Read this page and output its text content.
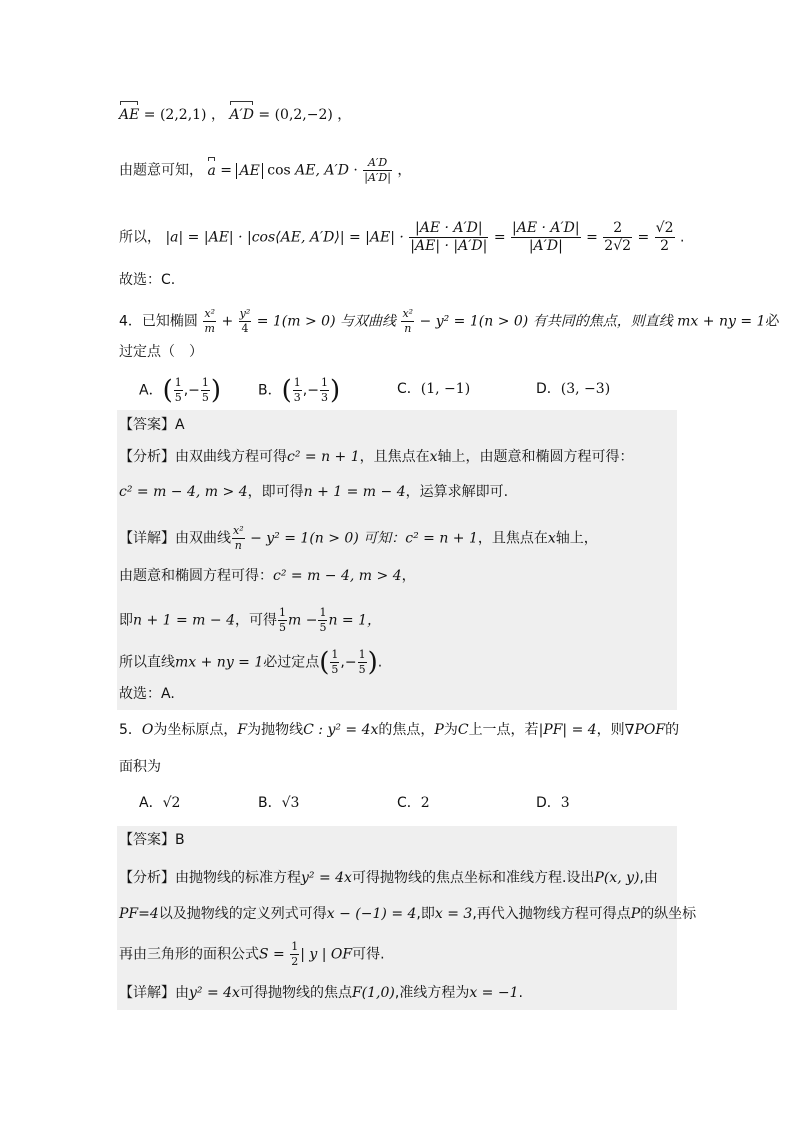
AE = (2,2,1) ， A′D = (0,2,−2) ，
由题意可知， a = AE cos AE, $A'D \cdot \frac{A'D}{|A'D|}$ ，
所以， |a| = |AE| · |cos⟨AE, A′D⟩| = $|AE| \cdot \frac{|AE \cdot A'D|}{|AE| \cdot |A'D|} = \frac{|AE \cdot A'D|}{|A'D|} = \frac{2}{2√2} = \frac{√2}{2}$ .
故选：C.
4．已知椭圆 $\frac{\text{x²}}{m} + \frac{\text{y²}}{4} = 1(m > 0)$ 与双曲线 $\frac{\text{x²}}{n} - y^2 = 1(n > 0)$ 有共同的焦点，则直线 mx + ny = 1必
过定点（　）
A．( $\frac{1}{5}$ ,− $\frac{1}{5}$ )	B．( $\frac{1}{3}$ ,− $\frac{1}{3}$ )	C．(1, −1)	D．(3, −3)
【答案】A
【分析】由双曲线方程可得c² = n + 1，且焦点在x轴上，由题意和椭圆方程可得：
c² = m − 4, m > 4，即可得n + 1 = m − 4，运算求解即可.
【详解】由双曲线 $\frac{\text{x²}}{n} - y^2 = 1(n > 0)$ 可知：c² = n + 1，且焦点在x轴上，
由题意和椭圆方程可得：c² = m − 4, m > 4，
即n + 1 = m − 4，可得 $\frac{1}{5}$ $m - \frac{1}{5}$ n = 1，
所以直线mx + ny = 1必过定点( $\frac{1}{5}$ ,− $\frac{1}{5}$ ).
故选：A.
5．O为坐标原点，F为抛物线C : y² = 4x的焦点，P为C上一点，若|PF| = 4，则∇POF的
面积为
A．√2	B．√3	C．2	D．3
【答案】B
【分析】由抛物线的标准方程y² = 4x可得抛物线的焦点坐标和准线方程.设出P(x, y),由
PF=4以及抛物线的定义列式可得x − (−1) = 4,即x = 3,再代入抛物线方程可得点P的纵坐标
再由三角形的面积公式$S = \frac{1}{2}$ | y | OF可得.
【详解】由y² = 4x可得抛物线的焦点F(1,0),准线方程为x = −1.
